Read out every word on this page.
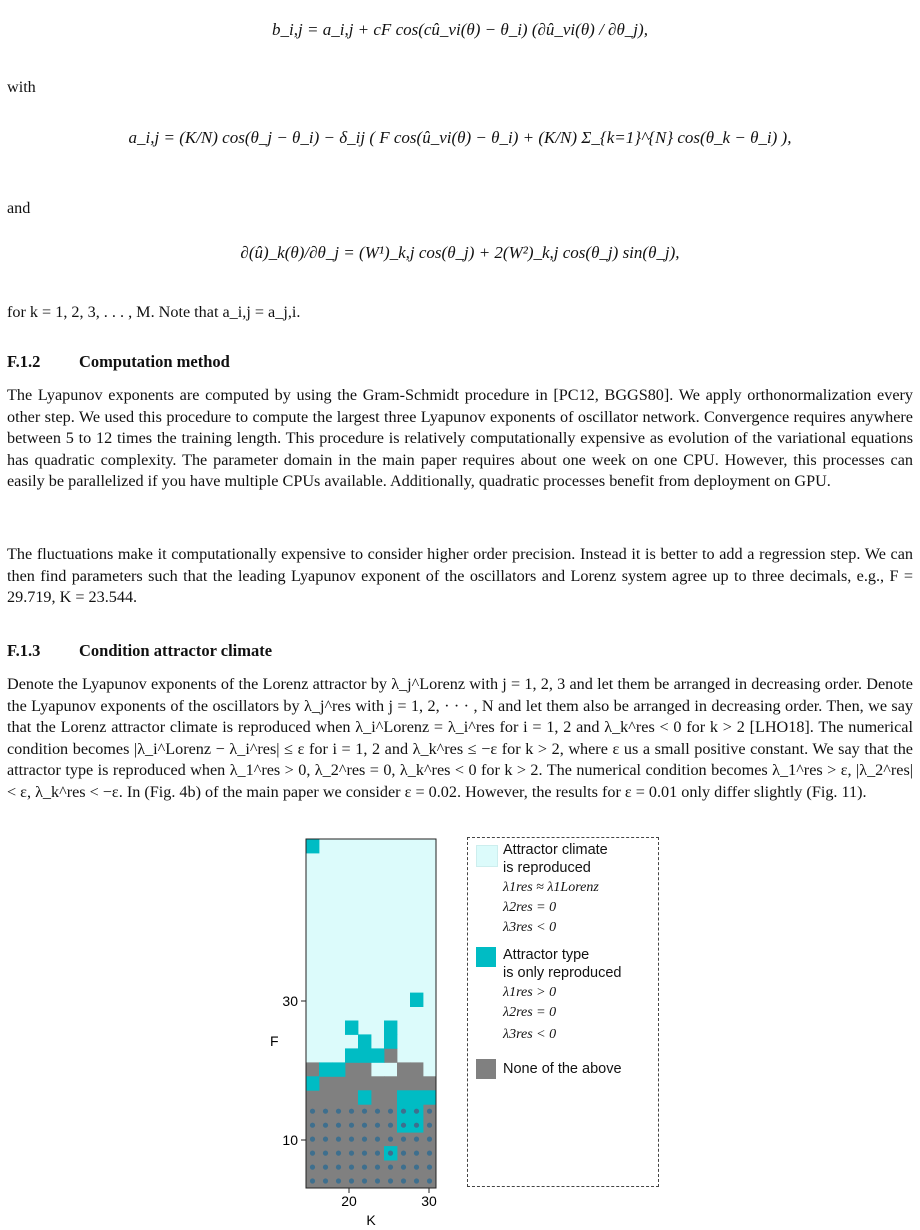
b_i,j = a_i,j + cF cos(cû_νi(θ) − θ_i) (∂û_vi(θ) / ∂θ_j),
with
a_i,j = (K/N) cos(θ_j − θ_i) − δ_ij ( F cos(û_vi(θ) − θ_i) + (K/N) Σ_{k=1}^{N} cos(θ_k − θ_i) ),
and
∂(û)_k(θ)/∂θ_j = (W¹)_k,j cos(θ_j) + 2(W²)_k,j cos(θ_j) sin(θ_j),
for k = 1, 2, 3, . . . , M. Note that a_i,j = a_j,i.
F.1.2 Computation method
The Lyapunov exponents are computed by using the Gram-Schmidt procedure in [PC12, BGGS80]. We apply orthonormalization every other step. We used this procedure to compute the largest three Lyapunov exponents of oscillator network. Convergence requires anywhere between 5 to 12 times the training length. This procedure is relatively computationally expensive as evolution of the variational equations has quadratic complexity. The parameter domain in the main paper requires about one week on one CPU. However, this processes can easily be parallelized if you have multiple CPUs available. Additionally, quadratic processes benefit from deployment on GPU.
The fluctuations make it computationally expensive to consider higher order precision. Instead it is better to add a regression step. We can then find parameters such that the leading Lyapunov exponent of the oscillators and Lorenz system agree up to three decimals, e.g., F = 29.719, K = 23.544.
F.1.3 Condition attractor climate
Denote the Lyapunov exponents of the Lorenz attractor by λ_j^Lorenz with j = 1, 2, 3 and let them be arranged in decreasing order. Denote the Lyapunov exponents of the oscillators by λ_j^res with j = 1, 2, · · · , N and let them also be arranged in decreasing order. Then, we say that the Lorenz attractor climate is reproduced when λ_i^Lorenz = λ_i^res for i = 1, 2 and λ_k^res < 0 for k > 2 [LHO18]. The numerical condition becomes |λ_i^Lorenz − λ_i^res| ≤ ε for i = 1, 2 and λ_k^res ≤ −ε for k > 2, where ε us a small positive constant. We say that the attractor type is reproduced when λ_1^res > 0, λ_2^res = 0, λ_k^res < 0 for k > 2. The numerical condition becomes λ_1^res > ε, |λ_2^res| < ε, λ_k^res < −ε. In (Fig. 4b) of the main paper we consider ε = 0.02. However, the results for ε = 0.01 only differ slightly (Fig. 11).
20	30
10
30
K
F
Attractor climate
is reproduced
λ1res ≈ λ1Lorenz
λ2res = 0
λ3res < 0
Attractor type
is only reproduced
λ1res > 0
λ2res = 0
λ3res < 0
None of the above
